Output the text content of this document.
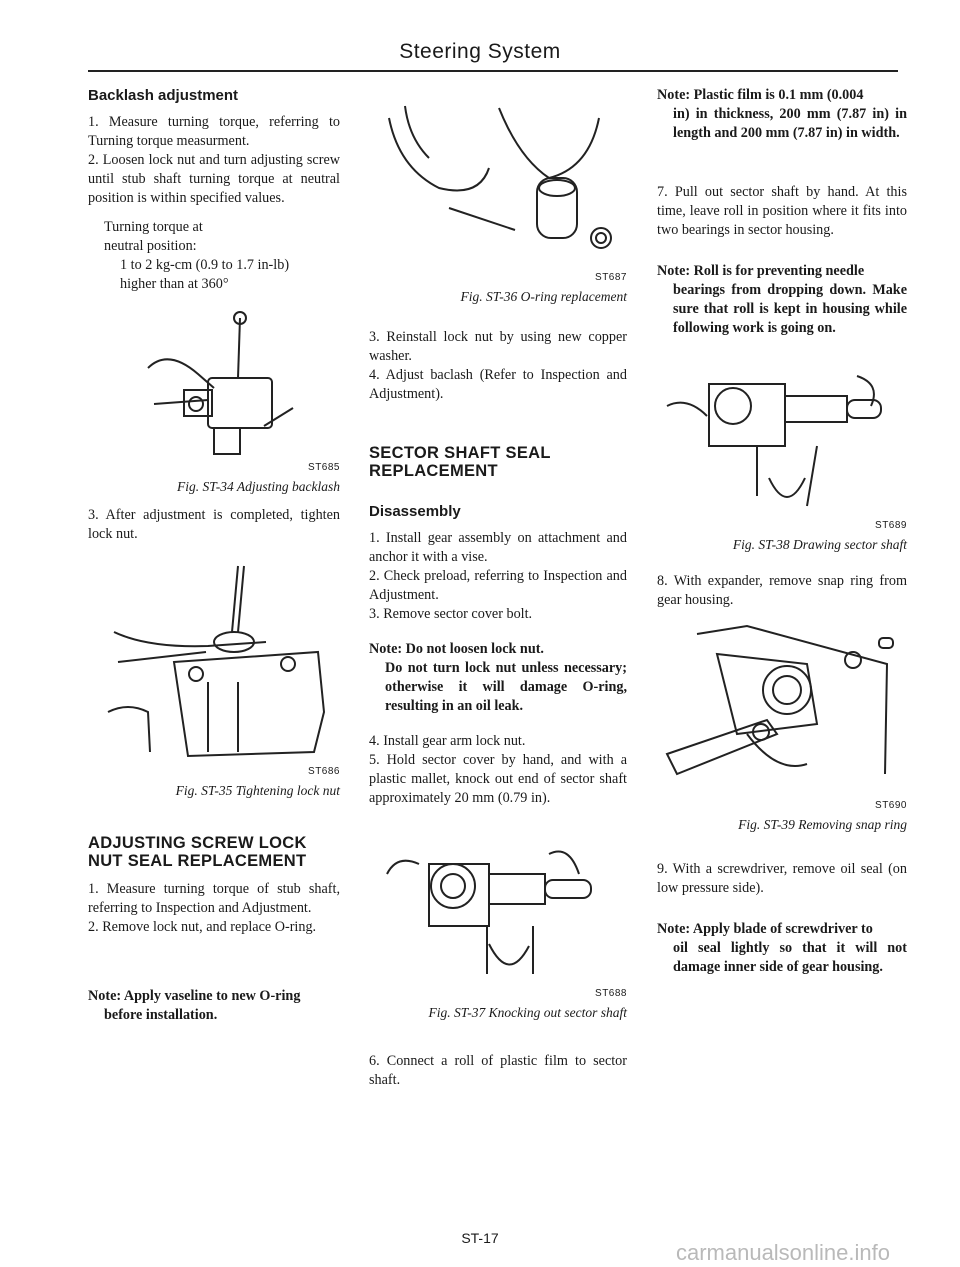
Steering System
Backlash adjustment

1. Measure turning torque, referring to Turning torque measurment.

2. Loosen lock nut and turn adjusting screw until stub shaft turning torque at neutral position is within specified values.

Turning torque at

neutral position:

1 to 2 kg-cm (0.9 to 1.7 in-lb)

higher than at 360°

ST685
Fig. ST-34 Adjusting backlash

3. After adjustment is completed, tighten lock nut.

ST686
Fig. ST-35 Tightening lock nut
ADJUSTING SCREW LOCK NUT SEAL REPLACEMENT

1. Measure turning torque of stub shaft, referring to Inspection and Adjustment.

2. Remove lock nut, and replace O-ring.

Note: Apply vaseline to new O-ring

before installation.

ST687
Fig. ST-36 O-ring replacement

3. Reinstall lock nut by using new copper washer.

4. Adjust baclash (Refer to Inspection and Adjustment).

SECTOR SHAFT SEAL REPLACEMENT
Disassembly

1. Install gear assembly on attachment and anchor it with a vise.

2. Check preload, referring to Inspection and Adjustment.

3. Remove sector cover bolt.

Note: Do not loosen lock nut.

Do not turn lock nut unless necessary; otherwise it will damage O-ring, resulting in an oil leak.

4. Install gear arm lock nut.

5. Hold sector cover by hand, and with a plastic mallet, knock out end of sector shaft approximately 20 mm (0.79 in).

ST688
Fig. ST-37 Knocking out sector shaft

6. Connect a roll of plastic film to sector shaft.

Note: Plastic film is 0.1 mm (0.004

in) in thickness, 200 mm (7.87 in) in length and 200 mm (7.87 in) in width.

7. Pull out sector shaft by hand. At this time, leave roll in position where it fits into two bearings in sector housing.

Note: Roll is for preventing needle

bearings from dropping down. Make sure that roll is kept in housing while following work is going on.

ST689
Fig. ST-38 Drawing sector shaft

8. With expander, remove snap ring from gear housing.

ST690
Fig. ST-39 Removing snap ring

9. With a screwdriver, remove oil seal (on low pressure side).

Note: Apply blade of screwdriver to

oil seal lightly so that it will not damage inner side of gear housing.

ST-17
carmanualsonline.info
